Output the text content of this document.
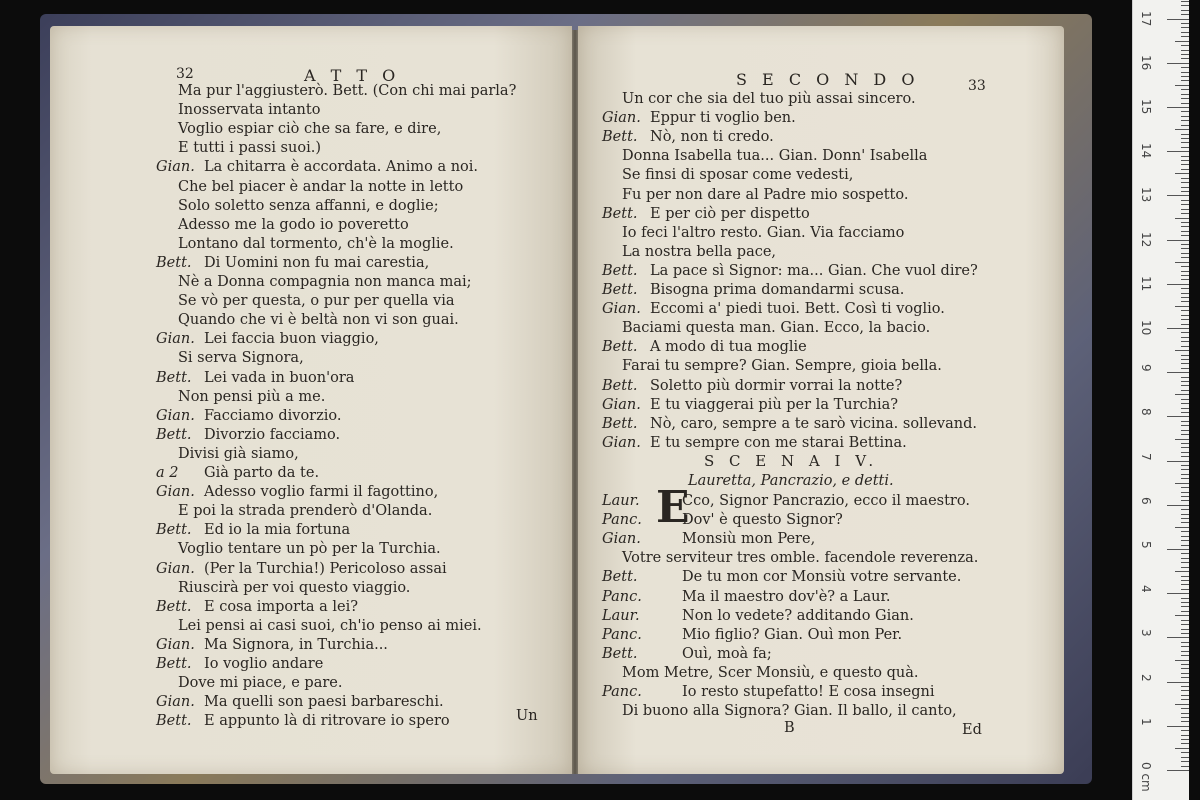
32	A T T O
Ma pur l'aggiusterò. Bett. (Con chi mai parla?
Inosservata intanto
Voglio espiar ciò che sa fare, e dire,
E tutti i passi suoi.)
Gian. La chitarra è accordata. Animo a noi.
Che bel piacer è andar la notte in letto
Solo soletto senza affanni, e doglie;
Adesso me la godo io poveretto
Lontano dal tormento, ch'è la moglie.
Bett. Di Uomini non fu mai carestia,
Nè a Donna compagnia non manca mai;
Se vò per questa, o pur per quella via
Quando che vi è beltà non vi son guai.
Gian. Lei faccia buon viaggio,
Si serva Signora,
Bett. Lei vada in buon'ora
Non pensi più a me.
Gian. Facciamo divorzio.
Bett. Divorzio facciamo.
Divisi già siamo,
a 2 Già parto da te.
Gian. Adesso voglio farmi il fagottino,
E poi la strada prenderò d'Olanda.
Bett. Ed io la mia fortuna
Voglio tentare un pò per la Turchia.
Gian. (Per la Turchia!) Pericoloso assai
Riuscirà per voi questo viaggio.
Bett. E cosa importa a lei?
Lei pensi ai casi suoi, ch'io penso ai miei.
Gian. Ma Signora, in Turchia...
Bett. Io voglio andare
Dove mi piace, e pare.
Gian. Ma quelli son paesi barbareschi.
Bett. E appunto là di ritrovare io spero	Un
S E C O N D O	33
Un cor che sia del tuo più assai sincero.
Gian. Eppur ti voglio ben.
Bett. Nò, non ti credo.
Donna Isabella tua... Gian. Donn' Isabella
Se finsi di sposar come vedesti,
Fu per non dare al Padre mio sospetto.
Bett. E per ciò per dispetto
Io feci l'altro resto. Gian. Via facciamo
La nostra bella pace,
Bett. La pace sì Signor: ma... Gian. Che vuol dire?
Bett. Bisogna prima domandarmi scusa.
Gian. Eccomi a' piedi tuoi. Bett. Così ti voglio.
Baciami questa man. Gian. Ecco, la bacio.
Bett. A modo di tua moglie
Farai tu sempre? Gian. Sempre, gioia bella.
Bett. Soletto più dormir vorrai la notte?
Gian. E tu viaggerai più per la Turchia?
Bett. Nò, caro, sempre a te sarò vicina. sollevand.
Gian. E tu sempre con me starai Bettina.
S C E N A I V.
Lauretta, Pancrazio, e detti.
E
Laur.	Cco, Signor Pancrazio, ecco il maestro.
Panc.	Dov' è questo Signor?
Gian.	Monsiù mon Pere,
Votre serviteur tres omble. facendole reverenza.
Bett.	De tu mon cor Monsiù votre servante.
Panc.	Ma il maestro dov'è? a Laur.
Laur.	Non lo vedete? additando Gian.
Panc.	Mio figlio? Gian. Ouì mon Per.
Bett.	Ouì, moà fa;
Mom Metre, Scer Monsiù, e questo quà.
Panc.	Io resto stupefatto! E cosa insegni
Di buono alla Signora? Gian. Il ballo, il canto,
B	Ed
0 cm
1
2
3
4
5
6
7
8
9
10
11
12
13
14
15
16
17
